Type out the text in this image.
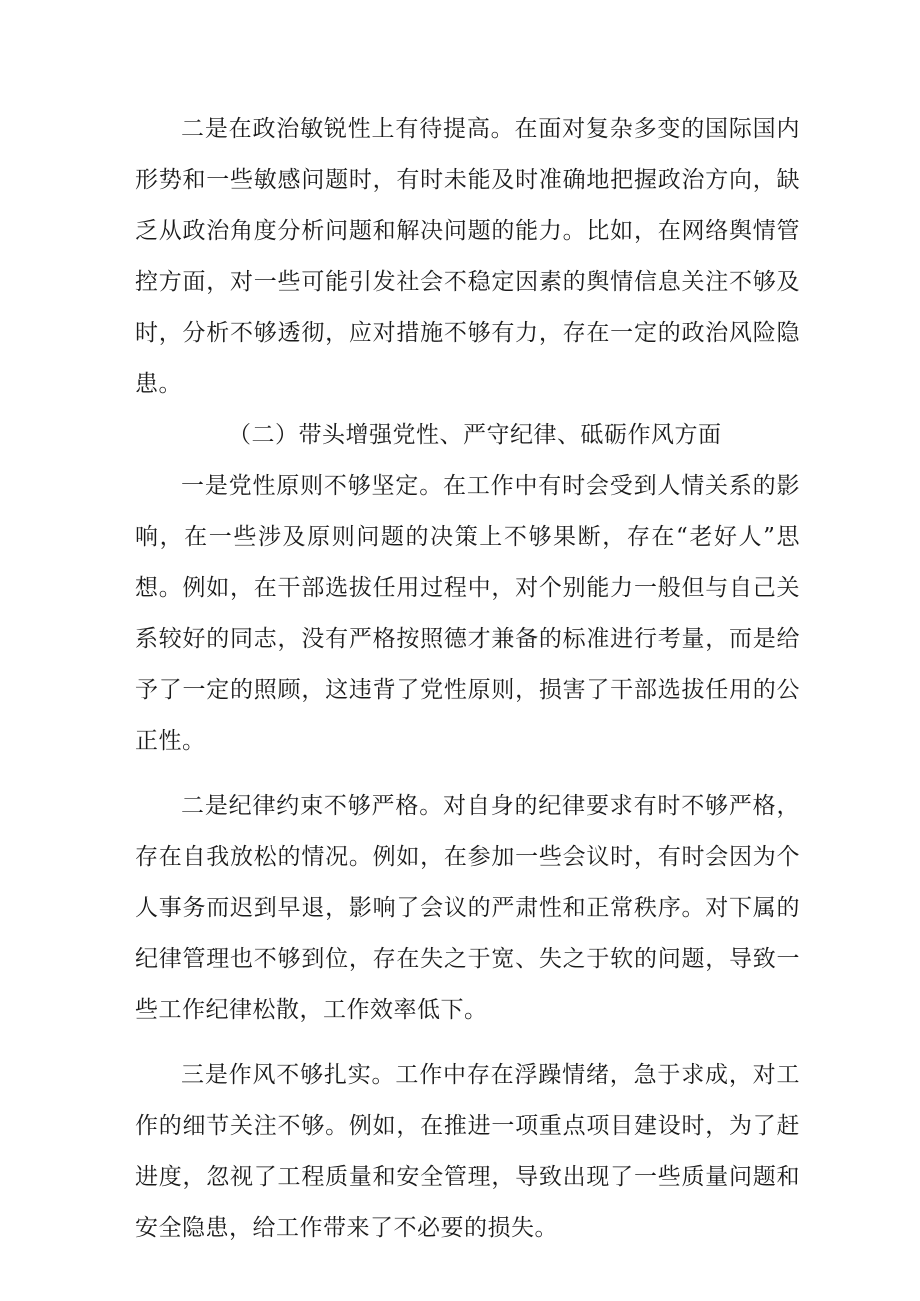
二是在政治敏锐性上有待提高。在面对复杂多变的国际国内形势和一些敏感问题时，有时未能及时准确地把握政治方向，缺乏从政治角度分析问题和解决问题的能力。比如，在网络舆情管控方面，对一些可能引发社会不稳定因素的舆情信息关注不够及时，分析不够透彻，应对措施不够有力，存在一定的政治风险隐患。

（二）带头增强党性、严守纪律、砥砺作风方面

一是党性原则不够坚定。在工作中有时会受到人情关系的影响，在一些涉及原则问题的决策上不够果断，存在“老好人”思想。例如，在干部选拔任用过程中，对个别能力一般但与自己关系较好的同志，没有严格按照德才兼备的标准进行考量，而是给予了一定的照顾，这违背了党性原则，损害了干部选拔任用的公正性。

二是纪律约束不够严格。对自身的纪律要求有时不够严格，存在自我放松的情况。例如，在参加一些会议时，有时会因为个人事务而迟到早退，影响了会议的严肃性和正常秩序。对下属的纪律管理也不够到位，存在失之于宽、失之于软的问题，导致一些工作纪律松散，工作效率低下。

三是作风不够扎实。工作中存在浮躁情绪，急于求成，对工作的细节关注不够。例如，在推进一项重点项目建设时，为了赶进度，忽视了工程质量和安全管理，导致出现了一些质量问题和安全隐患，给工作带来了不必要的损失。
